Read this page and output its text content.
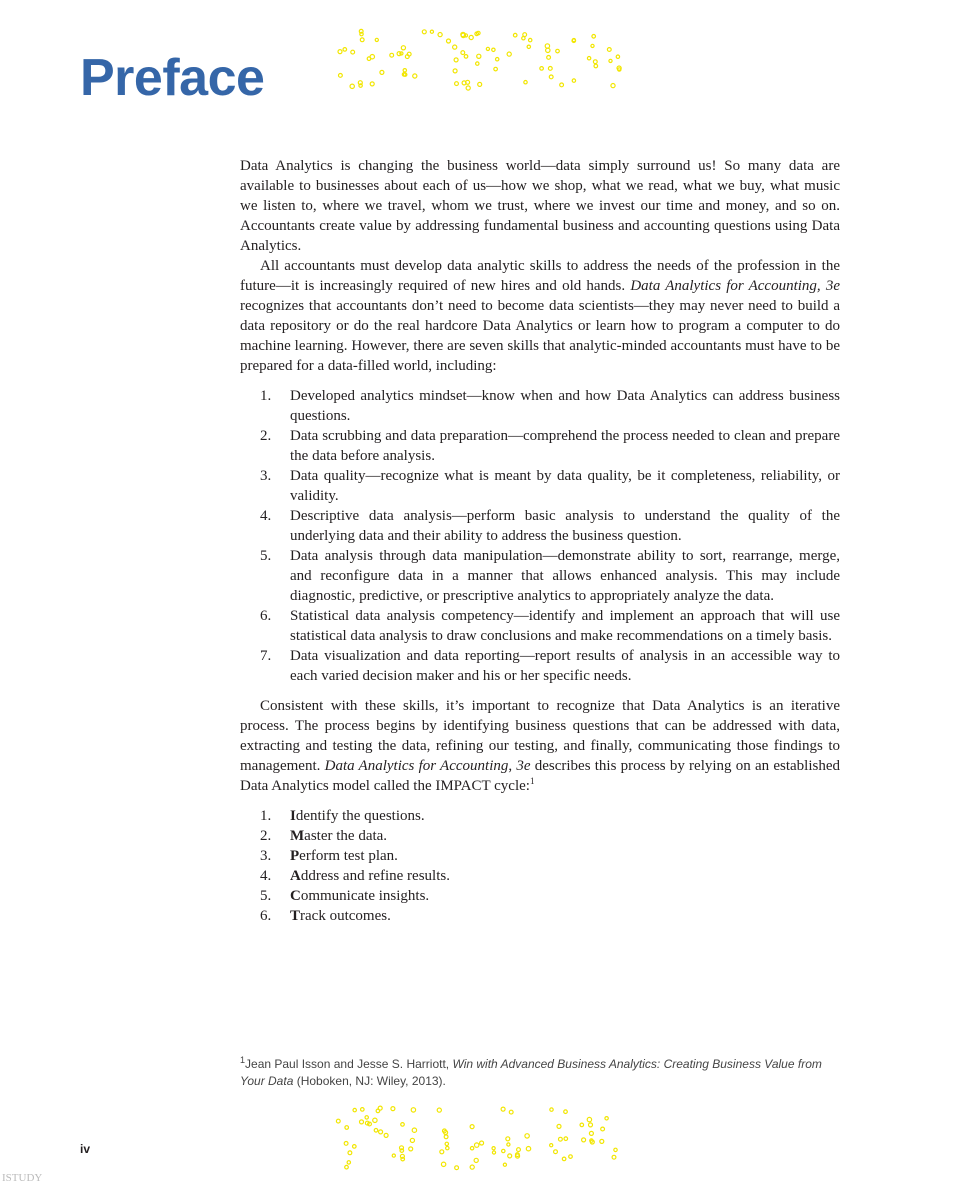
Preface

Data Analytics is changing the business world—data simply surround us! So many data are available to businesses about each of us—how we shop, what we read, what we buy, what music we listen to, where we travel, whom we trust, where we invest our time and money, and so on. Accountants create value by addressing fundamental business and accounting questions using Data Analytics.

All accountants must develop data analytic skills to address the needs of the profession in the future—it is increasingly required of new hires and old hands. Data Analytics for Accounting, 3e recognizes that accountants don’t need to become data scientists—they may never need to build a data repository or do the real hardcore Data Analytics or learn how to program a computer to do machine learning. However, there are seven skills that analytic-minded accountants must have to be prepared for a data-filled world, including:

1. Developed analytics mindset—know when and how Data Analytics can address business questions.
2. Data scrubbing and data preparation—comprehend the process needed to clean and prepare the data before analysis.
3. Data quality—recognize what is meant by data quality, be it completeness, reliability, or validity.
4. Descriptive data analysis—perform basic analysis to understand the quality of the underlying data and their ability to address the business question.
5. Data analysis through data manipulation—demonstrate ability to sort, rearrange, merge, and reconfigure data in a manner that allows enhanced analysis. This may include diagnostic, predictive, or prescriptive analytics to appropriately analyze the data.
6. Statistical data analysis competency—identify and implement an approach that will use statistical data analysis to draw conclusions and make recommendations on a timely basis.
7. Data visualization and data reporting—report results of analysis in an accessible way to each varied decision maker and his or her specific needs.

Consistent with these skills, it’s important to recognize that Data Analytics is an iterative process. The process begins by identifying business questions that can be addressed with data, extracting and testing the data, refining our testing, and finally, communicating those findings to management. Data Analytics for Accounting, 3e describes this process by relying on an established Data Analytics model called the IMPACT cycle:$^1$

1. Identify the questions.
2. Master the data.
3. Perform test plan.
4. Address and refine results.
5. Communicate insights.
6. Track outcomes.
$^1$Jean Paul Isson and Jesse S. Harriott, Win with Advanced Business Analytics: Creating Business Value from Your Data (Hoboken, NJ: Wiley, 2013).
iv
ISTUDY
